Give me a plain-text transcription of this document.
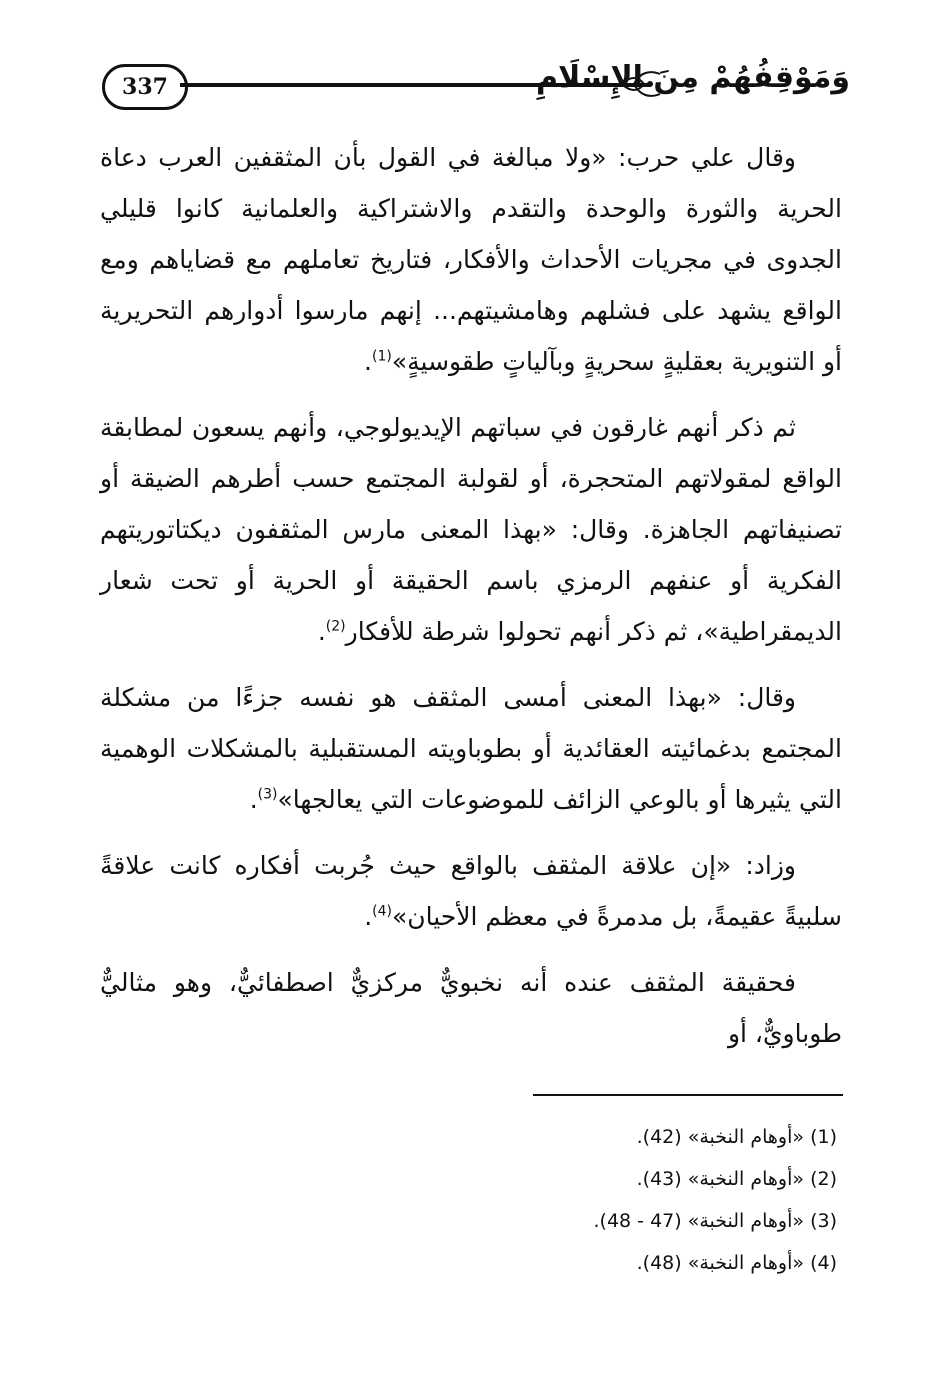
337	وَمَوْقِفُهُمْ مِنَ الإِسْلَامِ

وقال علي حرب: «ولا مبالغة في القول بأن المثقفين العرب دعاة الحرية والثورة والوحدة والتقدم والاشتراكية والعلمانية كانوا قليلي الجدوى في مجريات الأحداث والأفكار، فتاريخ تعاملهم مع قضاياهم ومع الواقع يشهد على فشلهم وهامشيتهم... إنهم مارسوا أدوارهم التحريرية أو التنويرية بعقليةٍ سحريةٍ وبآلياتٍ طقوسيةٍ»$^{(1)}$.

ثم ذكر أنهم غارقون في سباتهم الإيديولوجي، وأنهم يسعون لمطابقة الواقع لمقولاتهم المتحجرة، أو لقولبة المجتمع حسب أطرهم الضيقة أو تصنيفاتهم الجاهزة. وقال: «بهذا المعنى مارس المثقفون ديكتاتوريتهم الفكرية أو عنفهم الرمزي باسم الحقيقة أو الحرية أو تحت شعار الديمقراطية»، ثم ذكر أنهم تحولوا شرطة للأفكار$^{(2)}$.

وقال: «بهذا المعنى أمسى المثقف هو نفسه جزءًا من مشكلة المجتمع بدغمائيته العقائدية أو بطوباويته المستقبلية بالمشكلات الوهمية التي يثيرها أو بالوعي الزائف للموضوعات التي يعالجها»$^{(3)}$.

وزاد: «إن علاقة المثقف بالواقع حيث جُربت أفكاره كانت علاقةً سلبيةً عقيمةً، بل مدمرةً في معظم الأحيان»$^{(4)}$.

فحقيقة المثقف عنده أنه نخبويٌّ مركزيٌّ اصطفائيٌّ، وهو مثاليٌّ طوباويٌّ، أو

(1) «أوهام النخبة» (42).
(2) «أوهام النخبة» (43).
(3) «أوهام النخبة» (47 - 48).
(4) «أوهام النخبة» (48).
